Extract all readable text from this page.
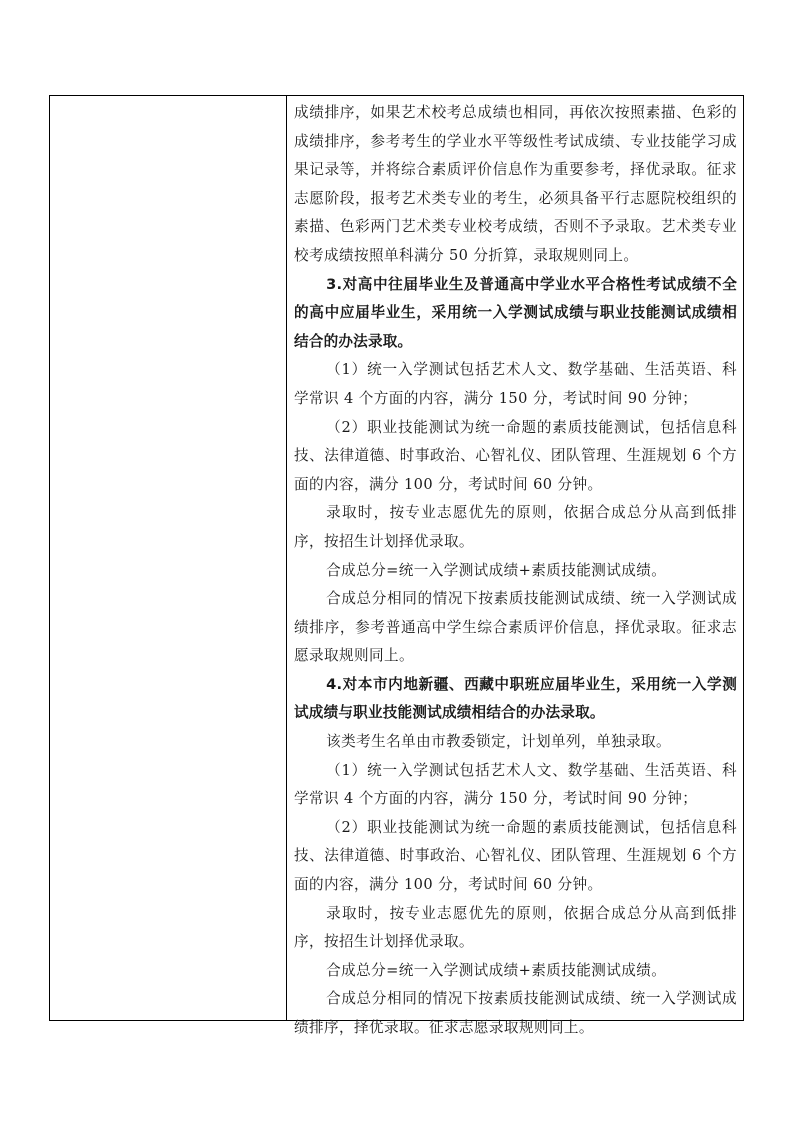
成绩排序，如果艺术校考总成绩也相同，再依次按照素描、色彩的成绩排序，参考考生的学业水平等级性考试成绩、专业技能学习成果记录等，并将综合素质评价信息作为重要参考，择优录取。征求志愿阶段，报考艺术类专业的考生，必须具备平行志愿院校组织的素描、色彩两门艺术类专业校考成绩，否则不予录取。艺术类专业校考成绩按照单科满分 50 分折算，录取规则同上。

3.对高中往届毕业生及普通高中学业水平合格性考试成绩不全的高中应届毕业生，采用统一入学测试成绩与职业技能测试成绩相结合的办法录取。

（1）统一入学测试包括艺术人文、数学基础、生活英语、科学常识 4 个方面的内容，满分 150 分，考试时间 90 分钟；

（2）职业技能测试为统一命题的素质技能测试，包括信息科技、法律道德、时事政治、心智礼仪、团队管理、生涯规划 6 个方面的内容，满分 100 分，考试时间 60 分钟。

录取时，按专业志愿优先的原则，依据合成总分从高到低排序，按招生计划择优录取。

合成总分=统一入学测试成绩+素质技能测试成绩。

合成总分相同的情况下按素质技能测试成绩、统一入学测试成绩排序，参考普通高中学生综合素质评价信息，择优录取。征求志愿录取规则同上。

4.对本市内地新疆、西藏中职班应届毕业生，采用统一入学测试成绩与职业技能测试成绩相结合的办法录取。

该类考生名单由市教委锁定，计划单列，单独录取。

（1）统一入学测试包括艺术人文、数学基础、生活英语、科学常识 4 个方面的内容，满分 150 分，考试时间 90 分钟；

（2）职业技能测试为统一命题的素质技能测试，包括信息科技、法律道德、时事政治、心智礼仪、团队管理、生涯规划 6 个方面的内容，满分 100 分，考试时间 60 分钟。

录取时，按专业志愿优先的原则，依据合成总分从高到低排序，按招生计划择优录取。

合成总分=统一入学测试成绩+素质技能测试成绩。

合成总分相同的情况下按素质技能测试成绩、统一入学测试成绩排序，择优录取。征求志愿录取规则同上。
